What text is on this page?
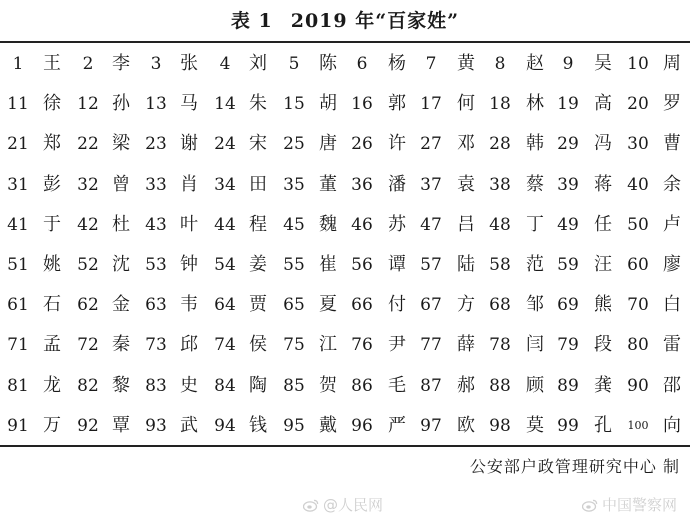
表 1 2019 年“百家姓”
1	王	2	李	3	张	4	刘	5	陈	6	杨	7	黄	8	赵	9	吴 10 周
11 徐 12 孙 13 马 14 朱 15 胡 16 郭 17 何 18 林 19 高 20 罗
21 郑 22 梁 23 谢 24 宋 25 唐 26 许 27 邓 28 韩 29 冯 30 曹
31 彭 32 曾 33 肖 34 田 35 董 36 潘 37 袁 38 蔡 39 蒋 40 余
41 于 42 杜 43 叶 44 程 45 魏 46 苏 47 吕 48 丁 49 任 50 卢
51 姚 52 沈 53 钟 54 姜 55 崔 56 谭 57 陆 58 范 59 汪 60 廖
61 石 62 金 63 韦 64 贾 65 夏 66 付 67 方 68 邹 69 熊 70 白
71 孟 72 秦 73 邱 74 侯 75 江 76 尹 77 薛 78 闫 79 段 80 雷
81 龙 82 黎 83 史 84 陶 85 贺 86 毛 87 郝 88 顾 89 龚 90 邵
91 万 92 覃 93 武 94 钱 95 戴 96 严 97 欧 98 莫 99 孔	100 向
公安部户政管理研究中心 制
@人民网	中国警察网
